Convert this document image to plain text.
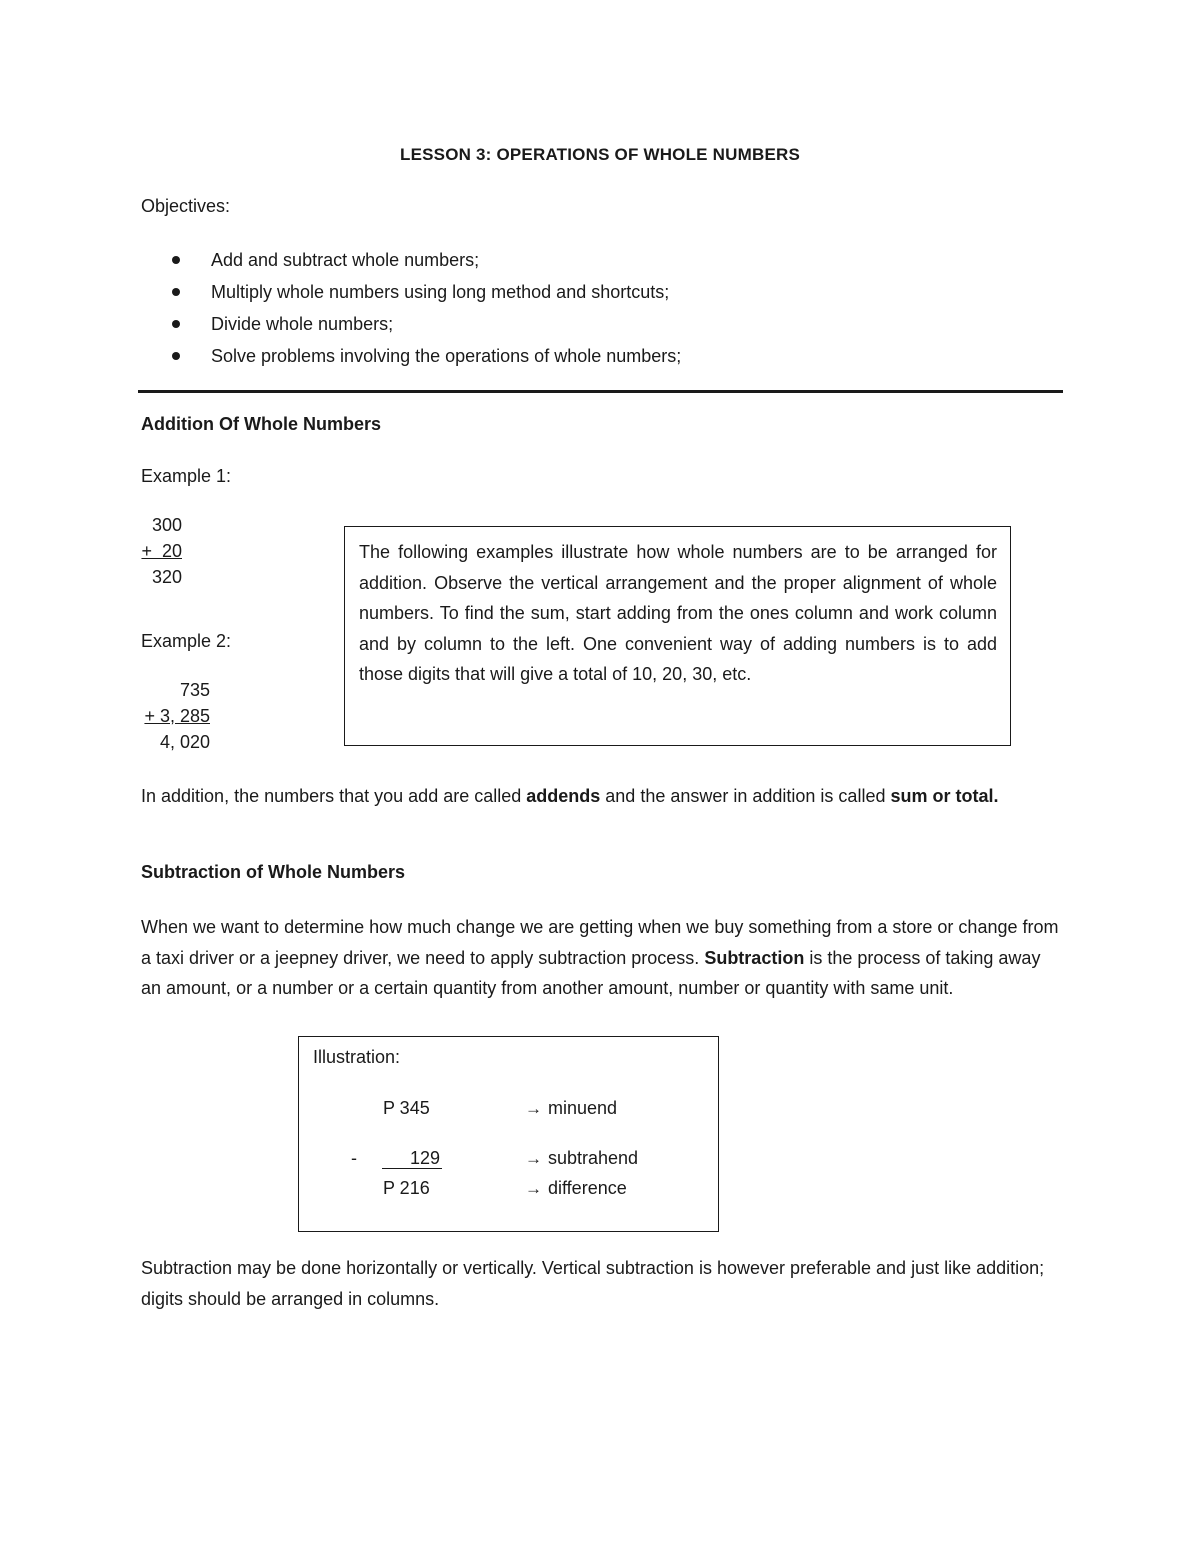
LESSON 3: OPERATIONS OF WHOLE NUMBERS
Objectives:
Add and subtract whole numbers;
Multiply whole numbers using long method and shortcuts;
Divide whole numbers;
Solve problems involving the operations of whole numbers;
Addition Of Whole Numbers
Example 1:
300
+  20
320
Example 2:
735
+ 3, 285
4, 020

The following examples illustrate how whole numbers are to be arranged for addition. Observe the vertical arrangement and the proper alignment of whole numbers. To find the sum, start adding from the ones column and work column and by column to the left. One convenient way of adding numbers is to add those digits that will give a total of 10, 20, 30, etc.

In addition, the numbers that you add are called addends and the answer in addition is called sum or total.
Subtraction of Whole Numbers
When we want to determine how much change we are getting when we buy something from a store or change from a taxi driver or a jeepney driver, we need to apply subtraction process. Subtraction is the process of taking away an amount, or a number or a certain quantity from another amount, number or quantity with same unit.
Illustration:
P 345
-	129
P 216
→ minuend
→ subtrahend
→ difference
Subtraction may be done horizontally or vertically. Vertical subtraction is however preferable and just like addition; digits should be arranged in columns.
